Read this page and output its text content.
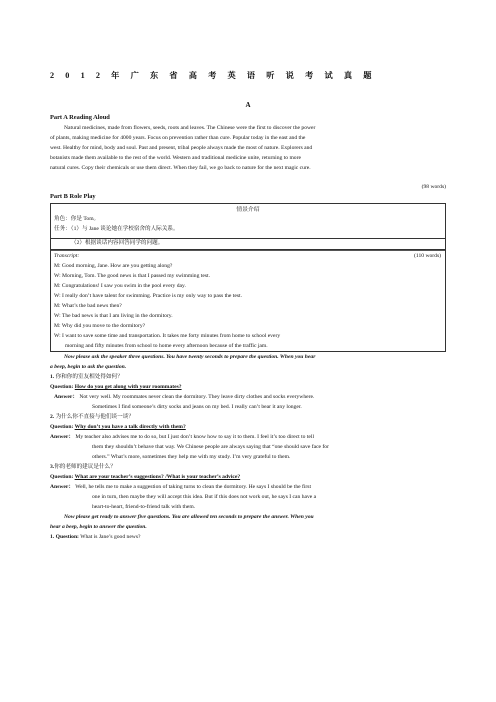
2012年广东省高考英语听说考试真题
A
Part A Reading Aloud
Natural medicines, made from flowers, seeds, roots and leaves. The Chinese were the first to discover the power
of plants, making medicine for 4000 years. Focus on prevention rather than cure. Popular today in the east and the
west. Healthy for mind, body and soul. Past and present, tribal people always made the most of nature. Explorers and
botanists made them available to the rest of the world. Western and traditional medicine unite, returning to more
natural cures. Copy their chemicals or use them direct. When they fail, we go back to nature for the next magic cure.
(98 words)
Part B Role Play
情景介绍
角色：你是 Tom。
任务：（1）与 Jane 谈论她在学校宿舍的人际关系。
（2）根据谈话内容回答同学的问题。
Transcript:	(110 words)
M: Good morning, Jane. How are you getting along?
W: Morning, Tom. The good news is that I passed my swimming test.
M: Congratulations! I saw you swim in the pool every day.
W: I really don’t have talent for swimming. Practice is my only way to pass the test.
M: What’s the bad news then?
W: The bad news is that I am living in the dormitory.
M: Why did you move to the dormitory?
W: I want to save some time and transportation. It takes me forty minutes from home to school every
morning and fifty minutes from school to home every afternoon because of the traffic jam.
Now please ask the speaker three questions. You have twenty seconds to prepare the question. When you hear
a beep, begin to ask the question.
1. 你和你的室友相处得如何？
Question: How do you get along with your roommates?
Answer： Not very well. My roommates never clean the dormitory. They leave dirty clothes and socks everywhere.
Sometimes I find someone’s dirty socks and jeans on my bed. I really can’t bear it any longer.
2. 为什么你不直接与他们谈一谈？
Question: Why don’t you have a talk directly with them?
Answer： My teacher also advises me to do so, but I just don’t know how to say it to them. I feel it’s too direct to tell
them they shouldn’t behave that way. We Chinese people are always saying that “one should save face for
others.” What’s more, sometimes they help me with my study. I’m very grateful to them.
3.你的老师的建议是什么？
Question: What are your teacher’s suggestions? /What is your teacher’s advice?
Answer： Well, he tells me to make a suggestion of taking turns to clean the dormitory. He says I should be the first
one in turn, then maybe they will accept this idea. But if this does not work out, he says I can have a
heart-to-heart, friend-to-friend talk with them.
Now please get ready to answer five questions. You are allowed ten seconds to prepare the answer. When you
hear a beep, begin to answer the question.
1. Question: What is Jane’s good news?
